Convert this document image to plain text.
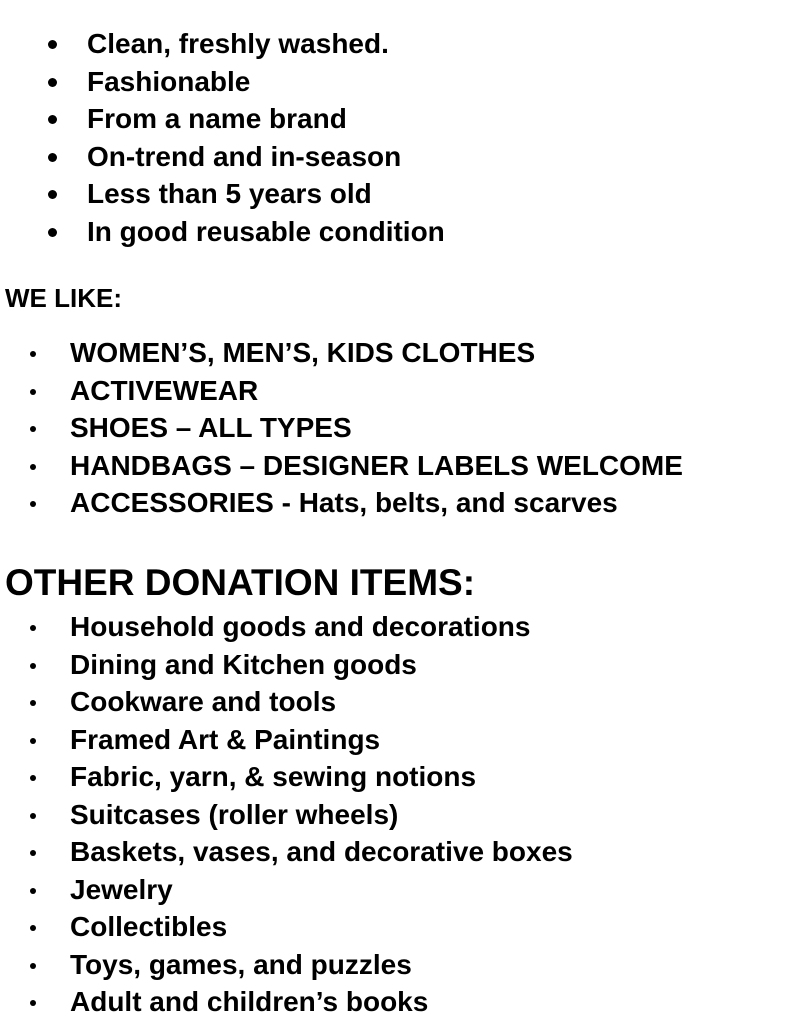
Clean, freshly washed.
Fashionable
From a name brand
On-trend and in-season
Less than 5 years old
In good reusable condition
WE LIKE:
WOMEN’S, MEN’S, KIDS CLOTHES
ACTIVEWEAR
SHOES – ALL TYPES
HANDBAGS – DESIGNER LABELS WELCOME
ACCESSORIES - Hats, belts, and scarves
OTHER DONATION ITEMS:
Household goods and decorations
Dining and Kitchen goods
Cookware and tools
Framed Art & Paintings
Fabric, yarn, & sewing notions
Suitcases (roller wheels)
Baskets, vases, and decorative boxes
Jewelry
Collectibles
Toys, games, and puzzles
Adult and children’s books
